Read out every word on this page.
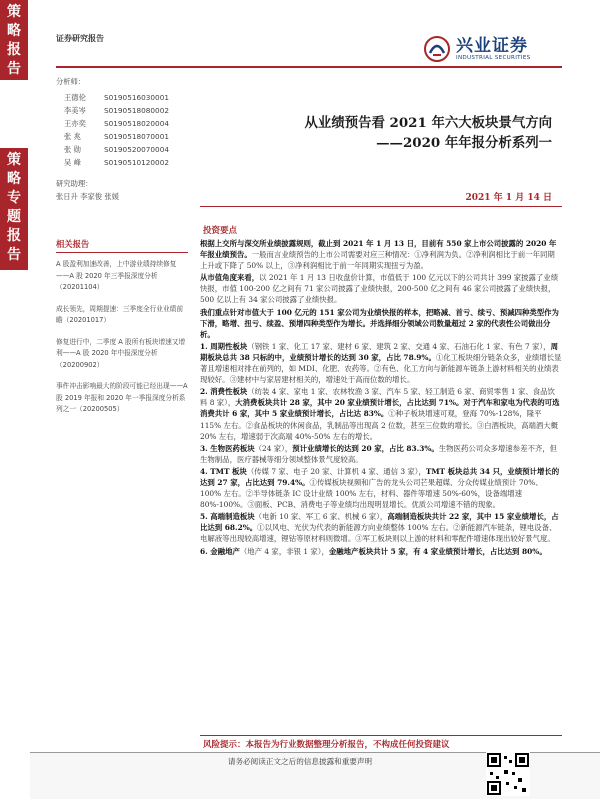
策
略
报
告
策
略
专
题
报
告
证券研究报告	兴业证券
INDUSTRIAL SECURITIES
分析师：
王德伦	S0190516030001
李美岑	S0190518080002
王亦奕	S0190518020004
张 兆	S0190518070001
张 勋	S0190520070004
吴 峰	S0190510120002
研究助理：
张日升 李家俊 张媛
从业绩预告看 2021 年六大板块景气方向
——2020 年年报分析系列一
2021 年 1 月 14 日
相关报告

A 股盈利加速改善，上中游业绩持续修复——A 股 2020 年三季报深度分析（20201104）

成长领先，周期提速：三季度全行业业绩前瞻（20201017）

修复进行中，二季度 A 股所有板块增速又增利——A 股 2020 年中报深度分析（20200902）

事件冲击影响最大的阶段可能已经出现——A 股 2019 年报和 2020 年一季报深度分析系列之一（20200505）

投资要点

根据上交所与深交所业绩披露规则，截止到 2021 年 1 月 13 日，目前有 550 家上市公司披露的 2020 年年报业绩预告。一般而言业绩预告的上市公司需要对应三种情况：①净利润为负。②净利润相比于前一年同期上升或下降了 50% 以上，③净利润相比于前一年同期实现扭亏为盈。

从市值角度来看，以 2021 年 1 月 13 日收盘价计算，市值低于 100 亿元以下的公司共计 399 家披露了业绩快报，市值 100-200 亿之间有 71 家公司披露了业绩快报，200-500 亿之间有 46 家公司披露了业绩快报，500 亿以上有 34 家公司披露了业绩快报。

我们重点针对市值大于 100 亿元的 151 家公司为业绩快报的样本，把略减、首亏、续亏、预减四种类型作为下滑，略增、扭亏、续盈、预增四种类型作为增长。并选择细分领域公司数量超过 2 家的代表性公司做出分析。

1. 周期性板块（钢铁 1 家、化工 17 家、建材 6 家、建筑 2 家、交通 4 家、石油石化 1 家、有色 7 家），周期板块总共 38 只标的中，业绩预计增长的达到 30 家，占比 78.9%。①化工板块细分链条众多，业绩增长显著且增速相对排在前列的，如 MDI、化肥、农药等。②有色、化工方向与新能源车链条上游材料相关的业绩表现较好。③建材中与家居建材相关的，增速处于高而位数的增长。

2. 消费性板块（纺装 4 家、家电 1 家、农林牧渔 3 家、汽车 5 家、轻工制造 6 家、商贸零售 1 家、食品饮料 8 家），大消费板块共计 28 家，其中 20 家业绩预计增长，占比达到 71%。对于汽车和家电为代表的可选消费共计 6 家，其中 5 家业绩预计增长，占比达 83%。①种子板块增速可观，登海 70%-128%，隆平 115% 左右。②食品板块的休闲食品，乳制品等出现高 2 位数，甚至三位数的增长。③白酒板块，高端酒大概 20% 左右，增速弱于次高端 40%-50% 左右的增长。

3. 生物医药板块（24 家），预计业绩增长的达到 20 家，占比 83.3%。生物医药公司众多增速参差不齐，但生物制品，医疗器械等细分领域整体景气度较高。

4. TMT 板块（传媒 7 家、电子 20 家、计算机 4 家、通信 3 家），TMT 板块总共 34 只，业绩预计增长的达到 27 家，占比达到 79.4%。①传媒板块视频和广告的龙头公司芒果超媒、分众传媒业绩预计 70%、100% 左右。②半导体链条 IC 设计业绩 100% 左右，材料、器件等增速 50%-60%，设备端增速 80%-100%。③面板、PCB、消费电子等业绩均出现明显增长。优质公司增速不错的现象。

5. 高端制造板块（电新 10 家、军工 6 家、机械 6 家），高端制造板块共计 22 家，其中 15 家业绩增长，占比达到 68.2%。①以风电、光伏为代表的新能源方向业绩整体 100% 左右。②新能源汽车链条，锂电设备、电解液等出现较高增速，锂钴等原材料则微增。③军工板块则以上游的材料和零配件增速体现出较好景气度。

6. 金融地产（地产 4 家，非银 1 家），金融地产板块共计 5 家，有 4 家业绩预计增长，占比达到 80%。

风险提示：本报告为行业数据整理分析报告，不构成任何投资建议
请务必阅读正文之后的信息披露和重要声明
